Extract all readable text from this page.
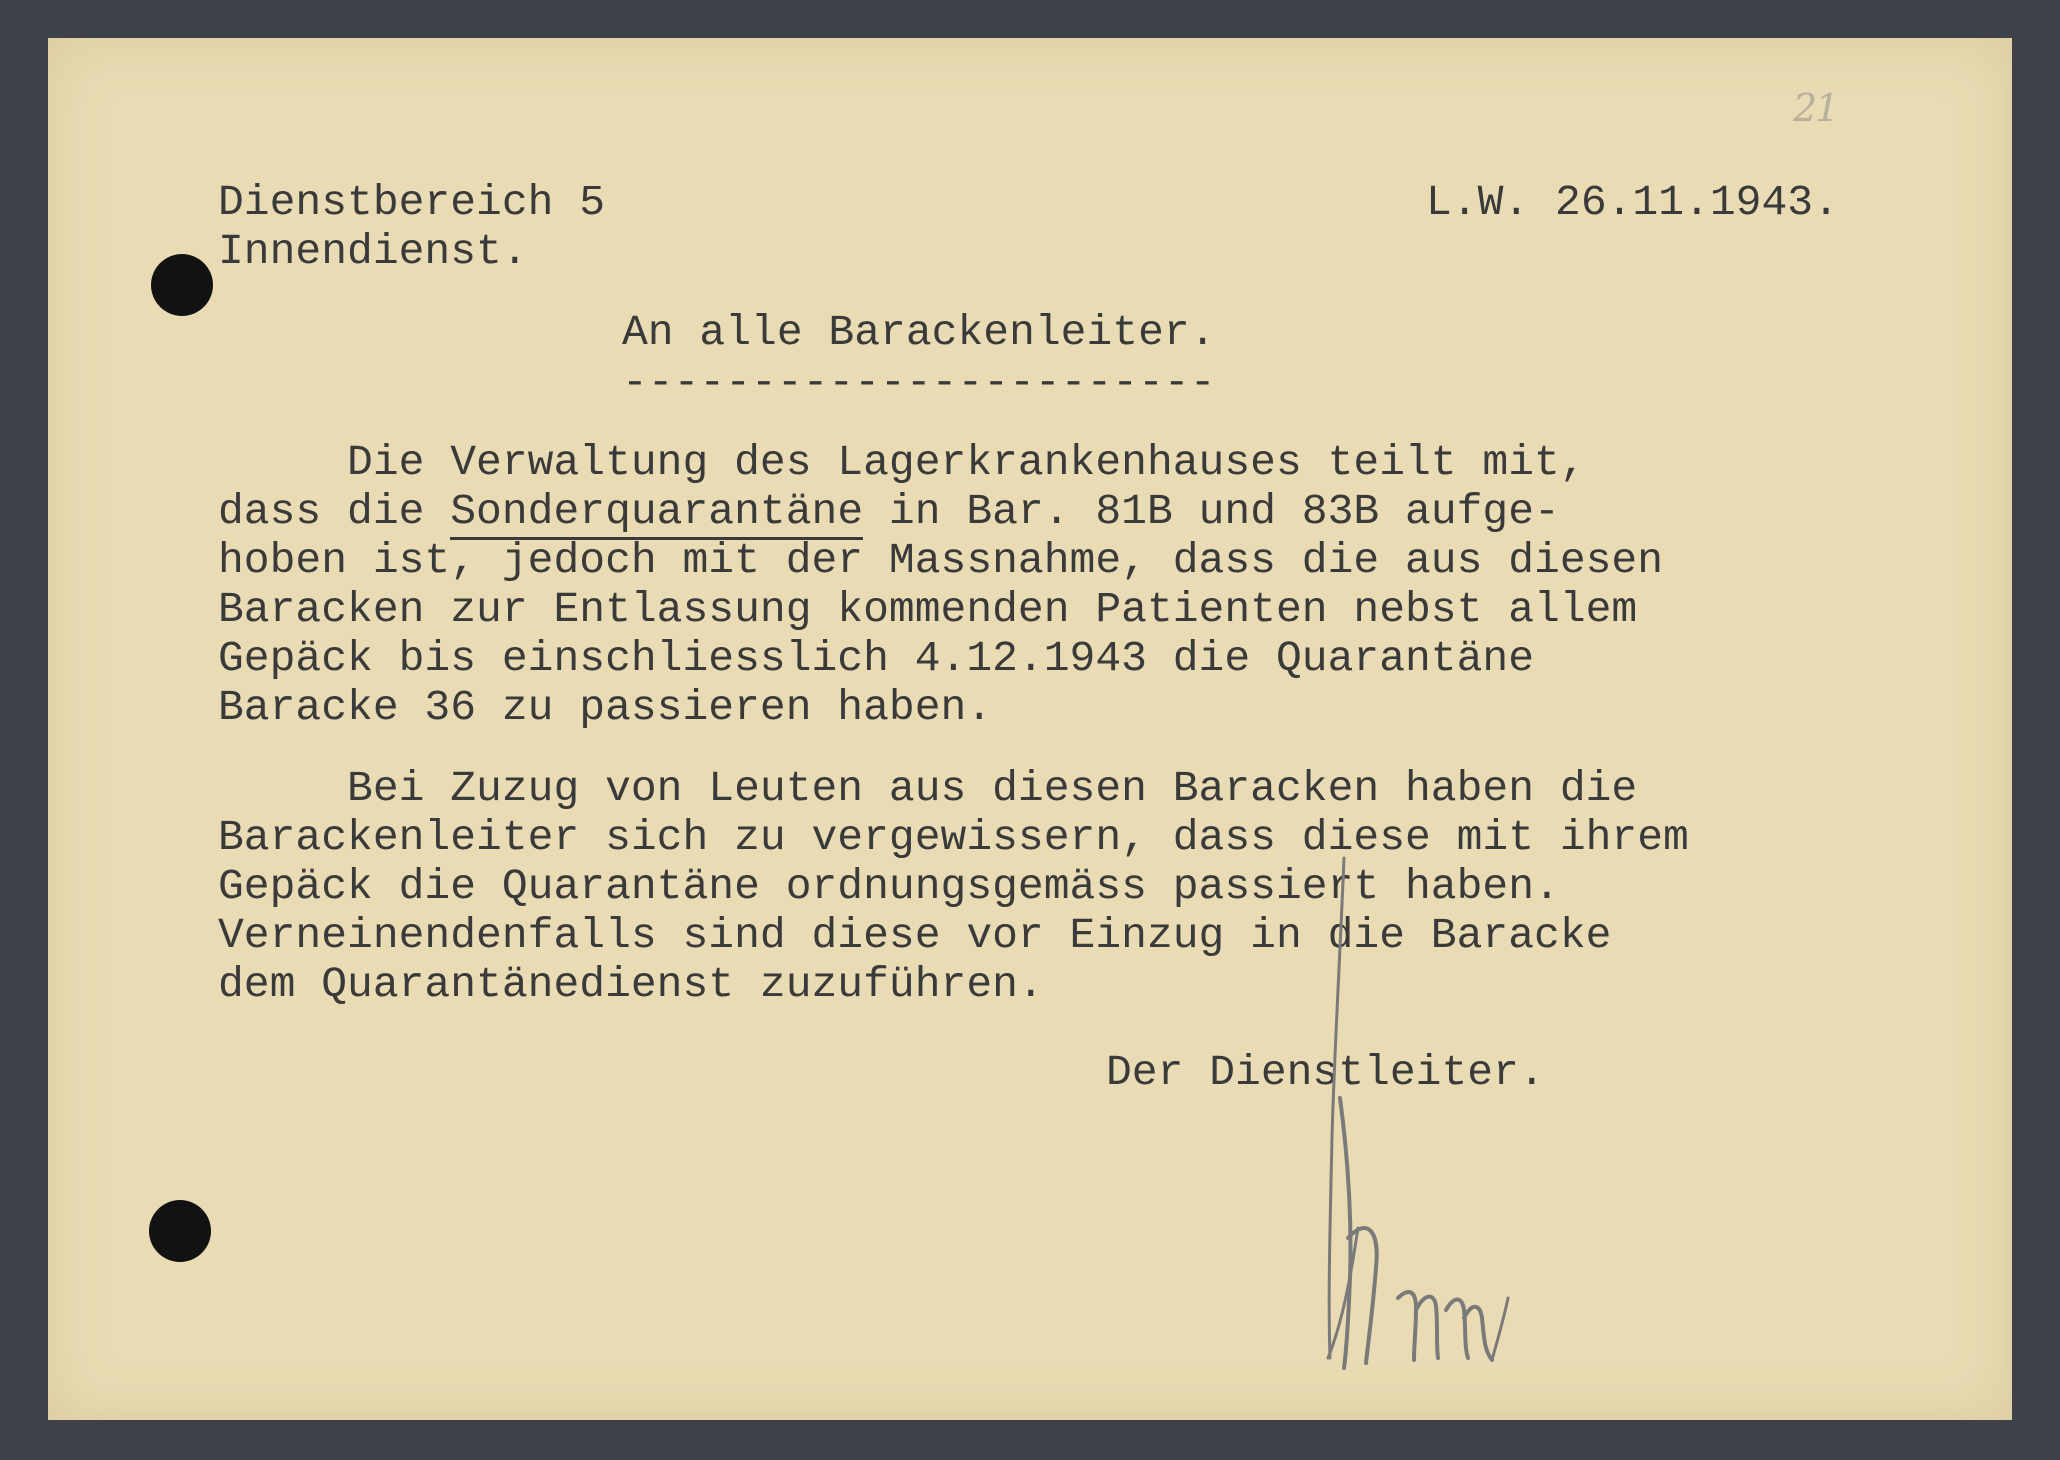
21
Dienstbereich 5
Innendienst.
L.W. 26.11.1943.
An alle Barackenleiter.
-----------------------
Die Verwaltung des Lagerkrankenhauses teilt mit,
dass die Sonderquarantäne in Bar. 81B und 83B aufge-
hoben ist, jedoch mit der Massnahme, dass die aus diesen
Baracken zur Entlassung kommenden Patienten nebst allem
Gepäck bis einschliesslich 4.12.1943 die Quarantäne
Baracke 36 zu passieren haben.
Bei Zuzug von Leuten aus diesen Baracken haben die
Barackenleiter sich zu vergewissern, dass diese mit ihrem
Gepäck die Quarantäne ordnungsgemäss passiert haben.
Verneinendenfalls sind diese vor Einzug in die Baracke
dem Quarantänedienst zuzuführen.
Der Dienstleiter.
